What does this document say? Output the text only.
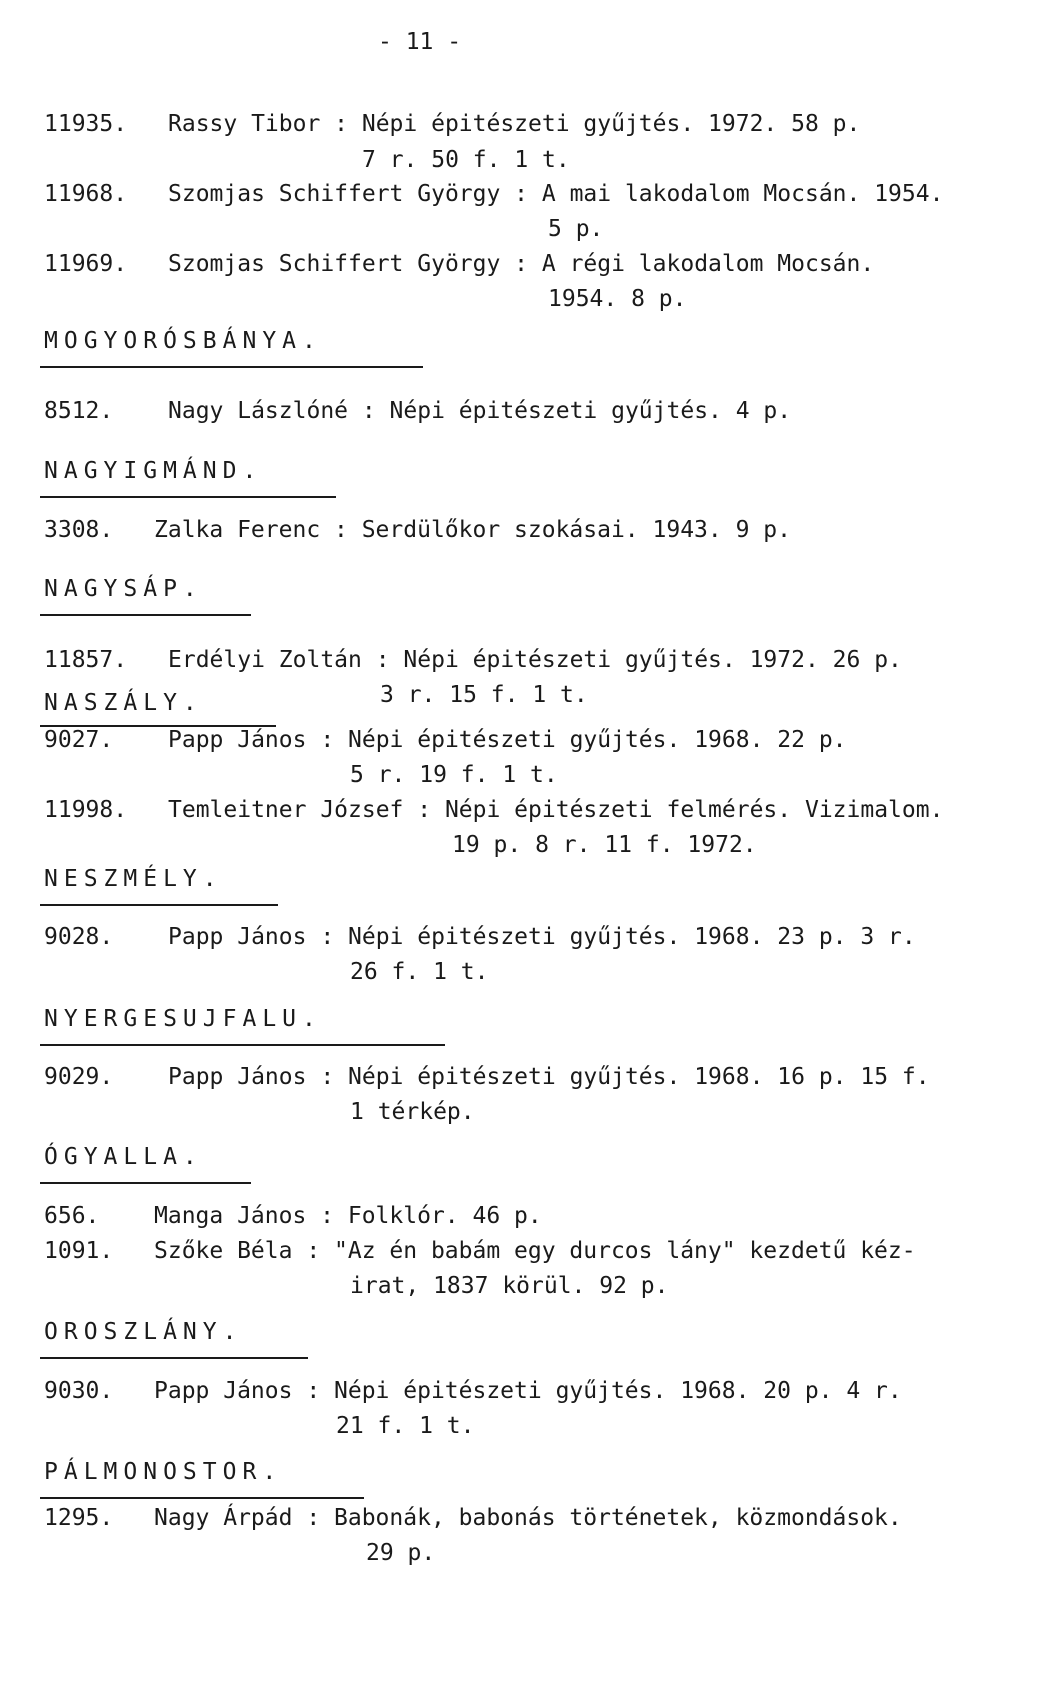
- 11 -
11935. Rassy Tibor : Népi épitészeti gyűjtés. 1972. 58 p.
7 r. 50 f. 1 t.
11968. Szomjas Schiffert György : A mai lakodalom Mocsán. 1954.
5 p.
11969. Szomjas Schiffert György : A régi lakodalom Mocsán.
1954. 8 p.
MOGYORÓSBÁNYA.
8512. Nagy Lászlóné : Népi épitészeti gyűjtés. 4 p.
NAGYIGMÁND.
3308. Zalka Ferenc : Serdülőkor szokásai. 1943. 9 p.
NAGYSÁP.
11857. Erdélyi Zoltán : Népi épitészeti gyűjtés. 1972. 26 p.
NASZÁLY.	3 r. 15 f. 1 t.
9027. Papp János : Népi épitészeti gyűjtés. 1968. 22 p.
5 r. 19 f. 1 t.
11998. Temleitner József : Népi épitészeti felmérés. Vizimalom.
19 p. 8 r. 11 f. 1972.
NESZMÉLY.
9028. Papp János : Népi épitészeti gyűjtés. 1968. 23 p. 3 r.
26 f. 1 t.
NYERGESUJFALU.
9029. Papp János : Népi épitészeti gyűjtés. 1968. 16 p. 15 f.
1 térkép.
ÓGYALLA.
656. Manga János : Folklór. 46 p.
1091. Szőke Béla : "Az én babám egy durcos lány" kezdetű kéz-
irat, 1837 körül. 92 p.
OROSZLÁNY.
9030. Papp János : Népi épitészeti gyűjtés. 1968. 20 p. 4 r.
21 f. 1 t.
PÁLMONOSTOR.
1295. Nagy Árpád : Babonák, babonás történetek, közmondások.
29 p.
